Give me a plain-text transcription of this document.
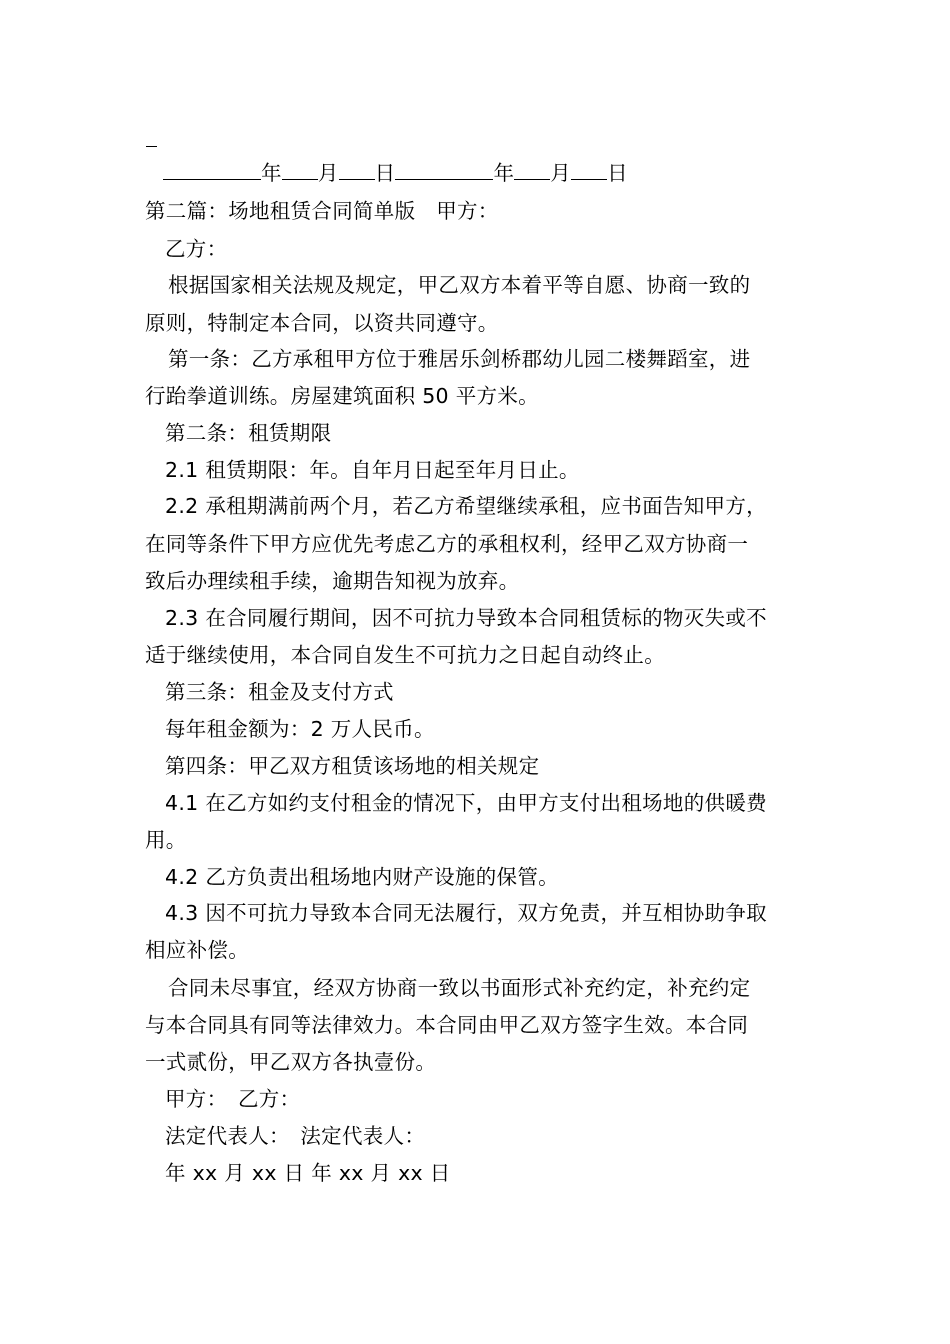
年 月 日	年 月 日
第二篇：场地租赁合同简单版　甲方：
乙方：
根据国家相关法规及规定，甲乙双方本着平等自愿、协商一致的
原则，特制定本合同，以资共同遵守。
第一条：乙方承租甲方位于雅居乐剑桥郡幼儿园二楼舞蹈室，进
行跆拳道训练。房屋建筑面积 50 平方米。
第二条：租赁期限
2.1 租赁期限：年。自年月日起至年月日止。
2.2 承租期满前两个月，若乙方希望继续承租，应书面告知甲方，
在同等条件下甲方应优先考虑乙方的承租权利，经甲乙双方协商一
致后办理续租手续，逾期告知视为放弃。
2.3 在合同履行期间，因不可抗力导致本合同租赁标的物灭失或不
适于继续使用，本合同自发生不可抗力之日起自动终止。
第三条：租金及支付方式
每年租金额为：2 万人民币。
第四条：甲乙双方租赁该场地的相关规定
4.1 在乙方如约支付租金的情况下，由甲方支付出租场地的供暖费
用。
4.2 乙方负责出租场地内财产设施的保管。
4.3 因不可抗力导致本合同无法履行，双方免责，并互相协助争取
相应补偿。
合同未尽事宜，经双方协商一致以书面形式补充约定，补充约定
与本合同具有同等法律效力。本合同由甲乙双方签字生效。本合同
一式贰份，甲乙双方各执壹份。
甲方：　乙方：
法定代表人：　法定代表人：
年 xx 月 xx 日 年 xx 月 xx 日
